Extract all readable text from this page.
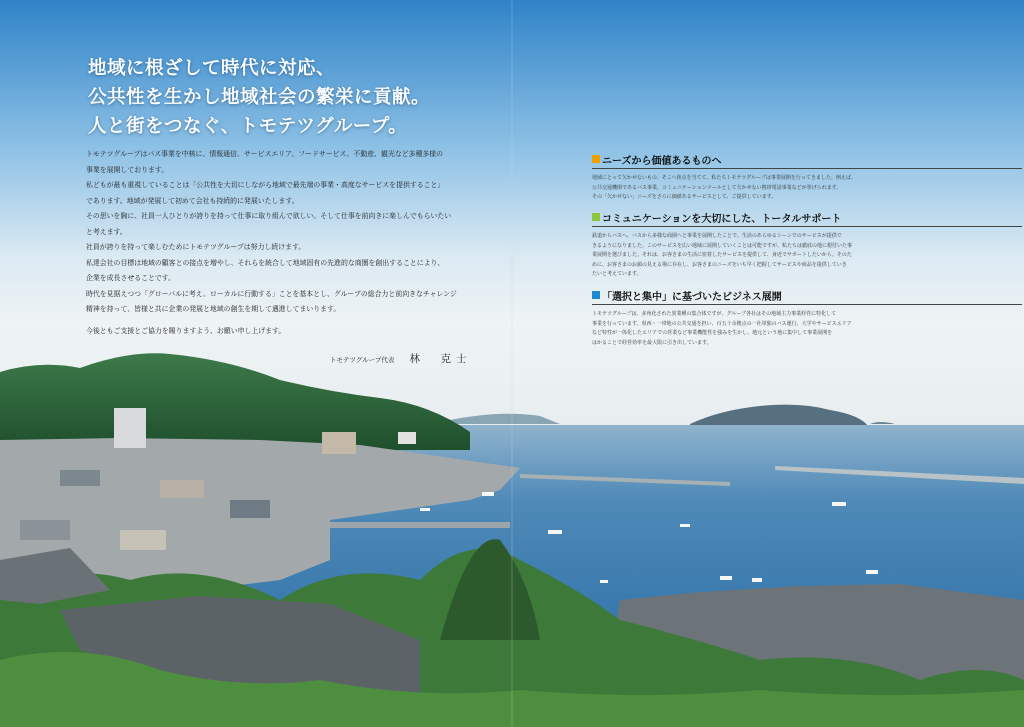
地域に根ざして時代に対応、
公共性を生かし地域社会の繁栄に貢献。
人と街をつなぐ、トモテツグループ。

トモテツグループはバス事業を中核に、情報通信、サービスエリア、フードサービス、不動産、観光など多種多様の

事業を展開しております。

私どもが最も重視していることは「公共性を大切にしながら地域で最先端の事業・高度なサービスを提供すること」

であります。地域が発展して初めて会社も持続的に発展いたします。

その思いを胸に、社員一人ひとりが誇りを持って仕事に取り組んで欲しい。そして仕事を前向きに楽しんでもらいたい

と考えます。

社員が誇りを持って楽しむためにトモテツグループは努力し続けます。

私達会社の目標は地域の顧客との接点を増やし、それらを統合して地域固有の先進的な商圏を創出することにより、

企業を成長させることです。

時代を見据えつつ「グローバルに考え、ローカルに行動する」ことを基本とし、グループの総合力と前向きなチャレンジ

精神を持って、皆様と共に企業の発展と地域の創生を期して邁進してまいります。

今後ともご支援とご協力を賜りますよう、お願い申し上げます。

トモテツグループ代表 林　克士
ニーズから価値あるものへ

地域にとって欠かせないもの、そこへ焦点を当てて、私たちトモテツグループは事業展開を行ってきました。例えば、

公共交通機関であるバス事業、コミュニケーションツールとして欠かせない携帯電話事業などが挙げられます。

その「欠かせない」ニーズをさらに価値あるサービスとして、ご提供しています。

コミュニケーションを大切にした、トータルサポート

鉄道からバスへ、バスから多様な商圏へと事業を展開したことで、生活のあらゆるシーンでのサービスが提供で

きるようになりました。このサービスを広い地域に展開していくことは可能ですが、私たちは徹底の地に根付いた事

業展開を選びました。それは、お客さまの生活に密着したサービスを提供して、身近でサポートしたいから。そのた

めに、お客さまのお顔の見える場に存在し、お客さまのニーズをいち早く把握してサービスや商品を提供していき

たいと考えています。

「選択と集中」に基づいたビジネス展開

トモテツグループは、多角化された異業種の集合体ですが、グループ各社はその地域主力事業経営に特化して

事業を行っています。県西・一帯地の公共交通を担い、百五十余拠点の一社単独のバス運行、大学やサービスエリア

など特性が一体化したエリアでの営業など事業機能性を強みを生かし、地元という地に集中して事業展開を

はかることで経営効率を最大限に引き出しています。
